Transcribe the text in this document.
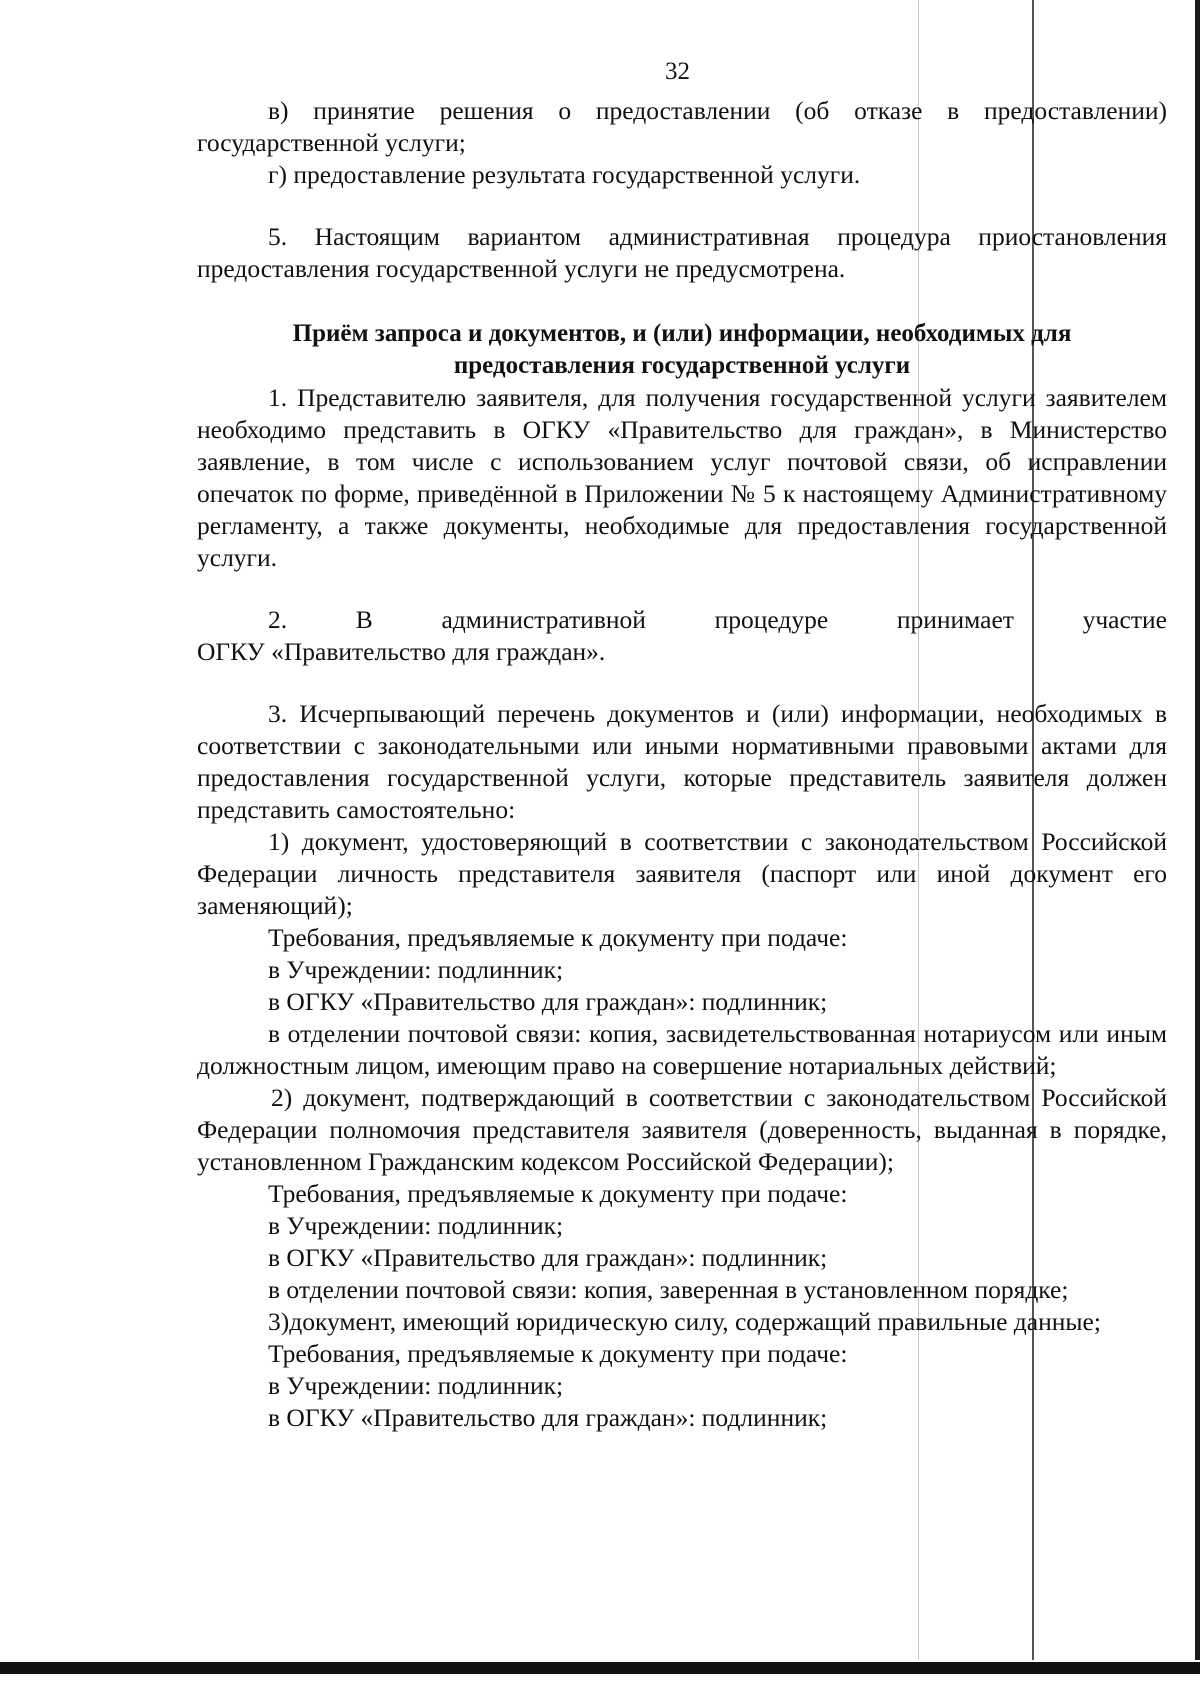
32

в) принятие решения о предоставлении (об отказе в предоставлении) государственной услуги;

г) предоставление результата государственной услуги.

5. Настоящим вариантом административная процедура приостановления предоставления государственной услуги не предусмотрена.

Приём запроса и документов, и (или) информации, необходимых для предоставления государственной услуги

1. Представителю заявителя, для получения государственной услуги заявителем необходимо представить в ОГКУ «Правительство для граждан», в Министерство заявление, в том числе с использованием услуг почтовой связи, об исправлении опечаток по форме, приведённой в Приложении № 5 к настоящему Административному регламенту, а также документы, необходимые для предоставления государственной услуги.

2.	В	административной	процедуре	принимает	участие

ОГКУ «Правительство для граждан».

3. Исчерпывающий перечень документов и (или) информации, необходимых в соответствии с законодательными или иными нормативными правовыми актами для предоставления государственной услуги, которые представитель заявителя должен представить самостоятельно:

1) документ, удостоверяющий в соответствии с законодательством Российской Федерации личность представителя заявителя (паспорт или иной документ его заменяющий);

Требования, предъявляемые к документу при подаче:

в Учреждении: подлинник;

в ОГКУ «Правительство для граждан»: подлинник;

в отделении почтовой связи: копия, засвидетельствованная нотариусом или иным должностным лицом, имеющим право на совершение нотариальных действий;

2) документ, подтверждающий в соответствии с законодательством Российской Федерации полномочия представителя заявителя (доверенность, выданная в порядке, установленном Гражданским кодексом Российской Федерации);

Требования, предъявляемые к документу при подаче:

в Учреждении: подлинник;

в ОГКУ «Правительство для граждан»: подлинник;

в отделении почтовой связи: копия, заверенная в установленном порядке;

3)документ, имеющий юридическую силу, содержащий правильные данные;

Требования, предъявляемые к документу при подаче:

в Учреждении: подлинник;

в ОГКУ «Правительство для граждан»: подлинник;
